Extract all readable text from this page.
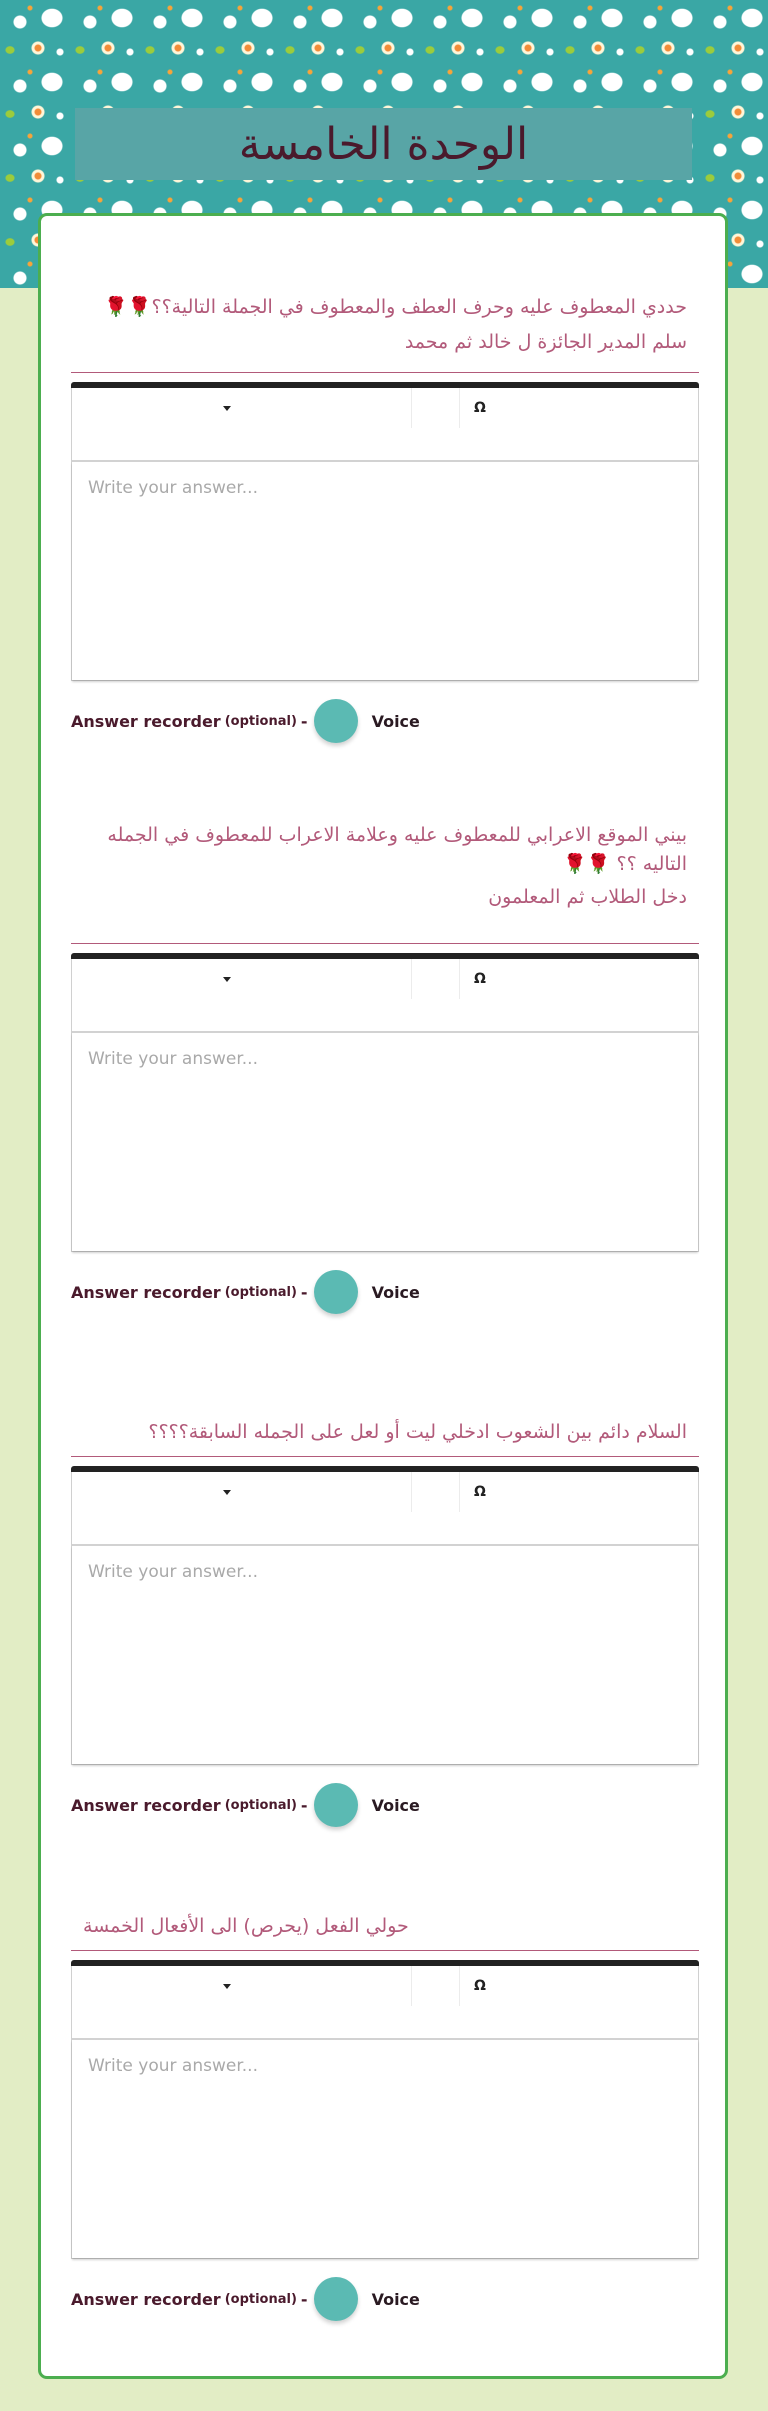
الوحدة الخامسة
حددي المعطوف عليه وحرف العطف والمعطوف في الجملة التالية؟؟🌹🌹
سلم المدير الجائزة ل خالد ثم محمد
Ω
Write your answer...
Answer recorder (optional) -	Voice
بيني الموقع الاعرابي للمعطوف عليه وعلامة الاعراب للمعطوف في الجمله التاليه ؟؟ 🌹🌹
دخل الطلاب ثم المعلمون
Ω
Write your answer...
Answer recorder (optional) -	Voice
السلام دائم بين الشعوب ادخلي ليت أو لعل على الجمله السابقة؟؟؟؟
Ω
Write your answer...
Answer recorder (optional) -	Voice
حولي الفعل (يحرص) الى الأفعال الخمسة
Ω
Write your answer...
Answer recorder (optional) -	Voice
